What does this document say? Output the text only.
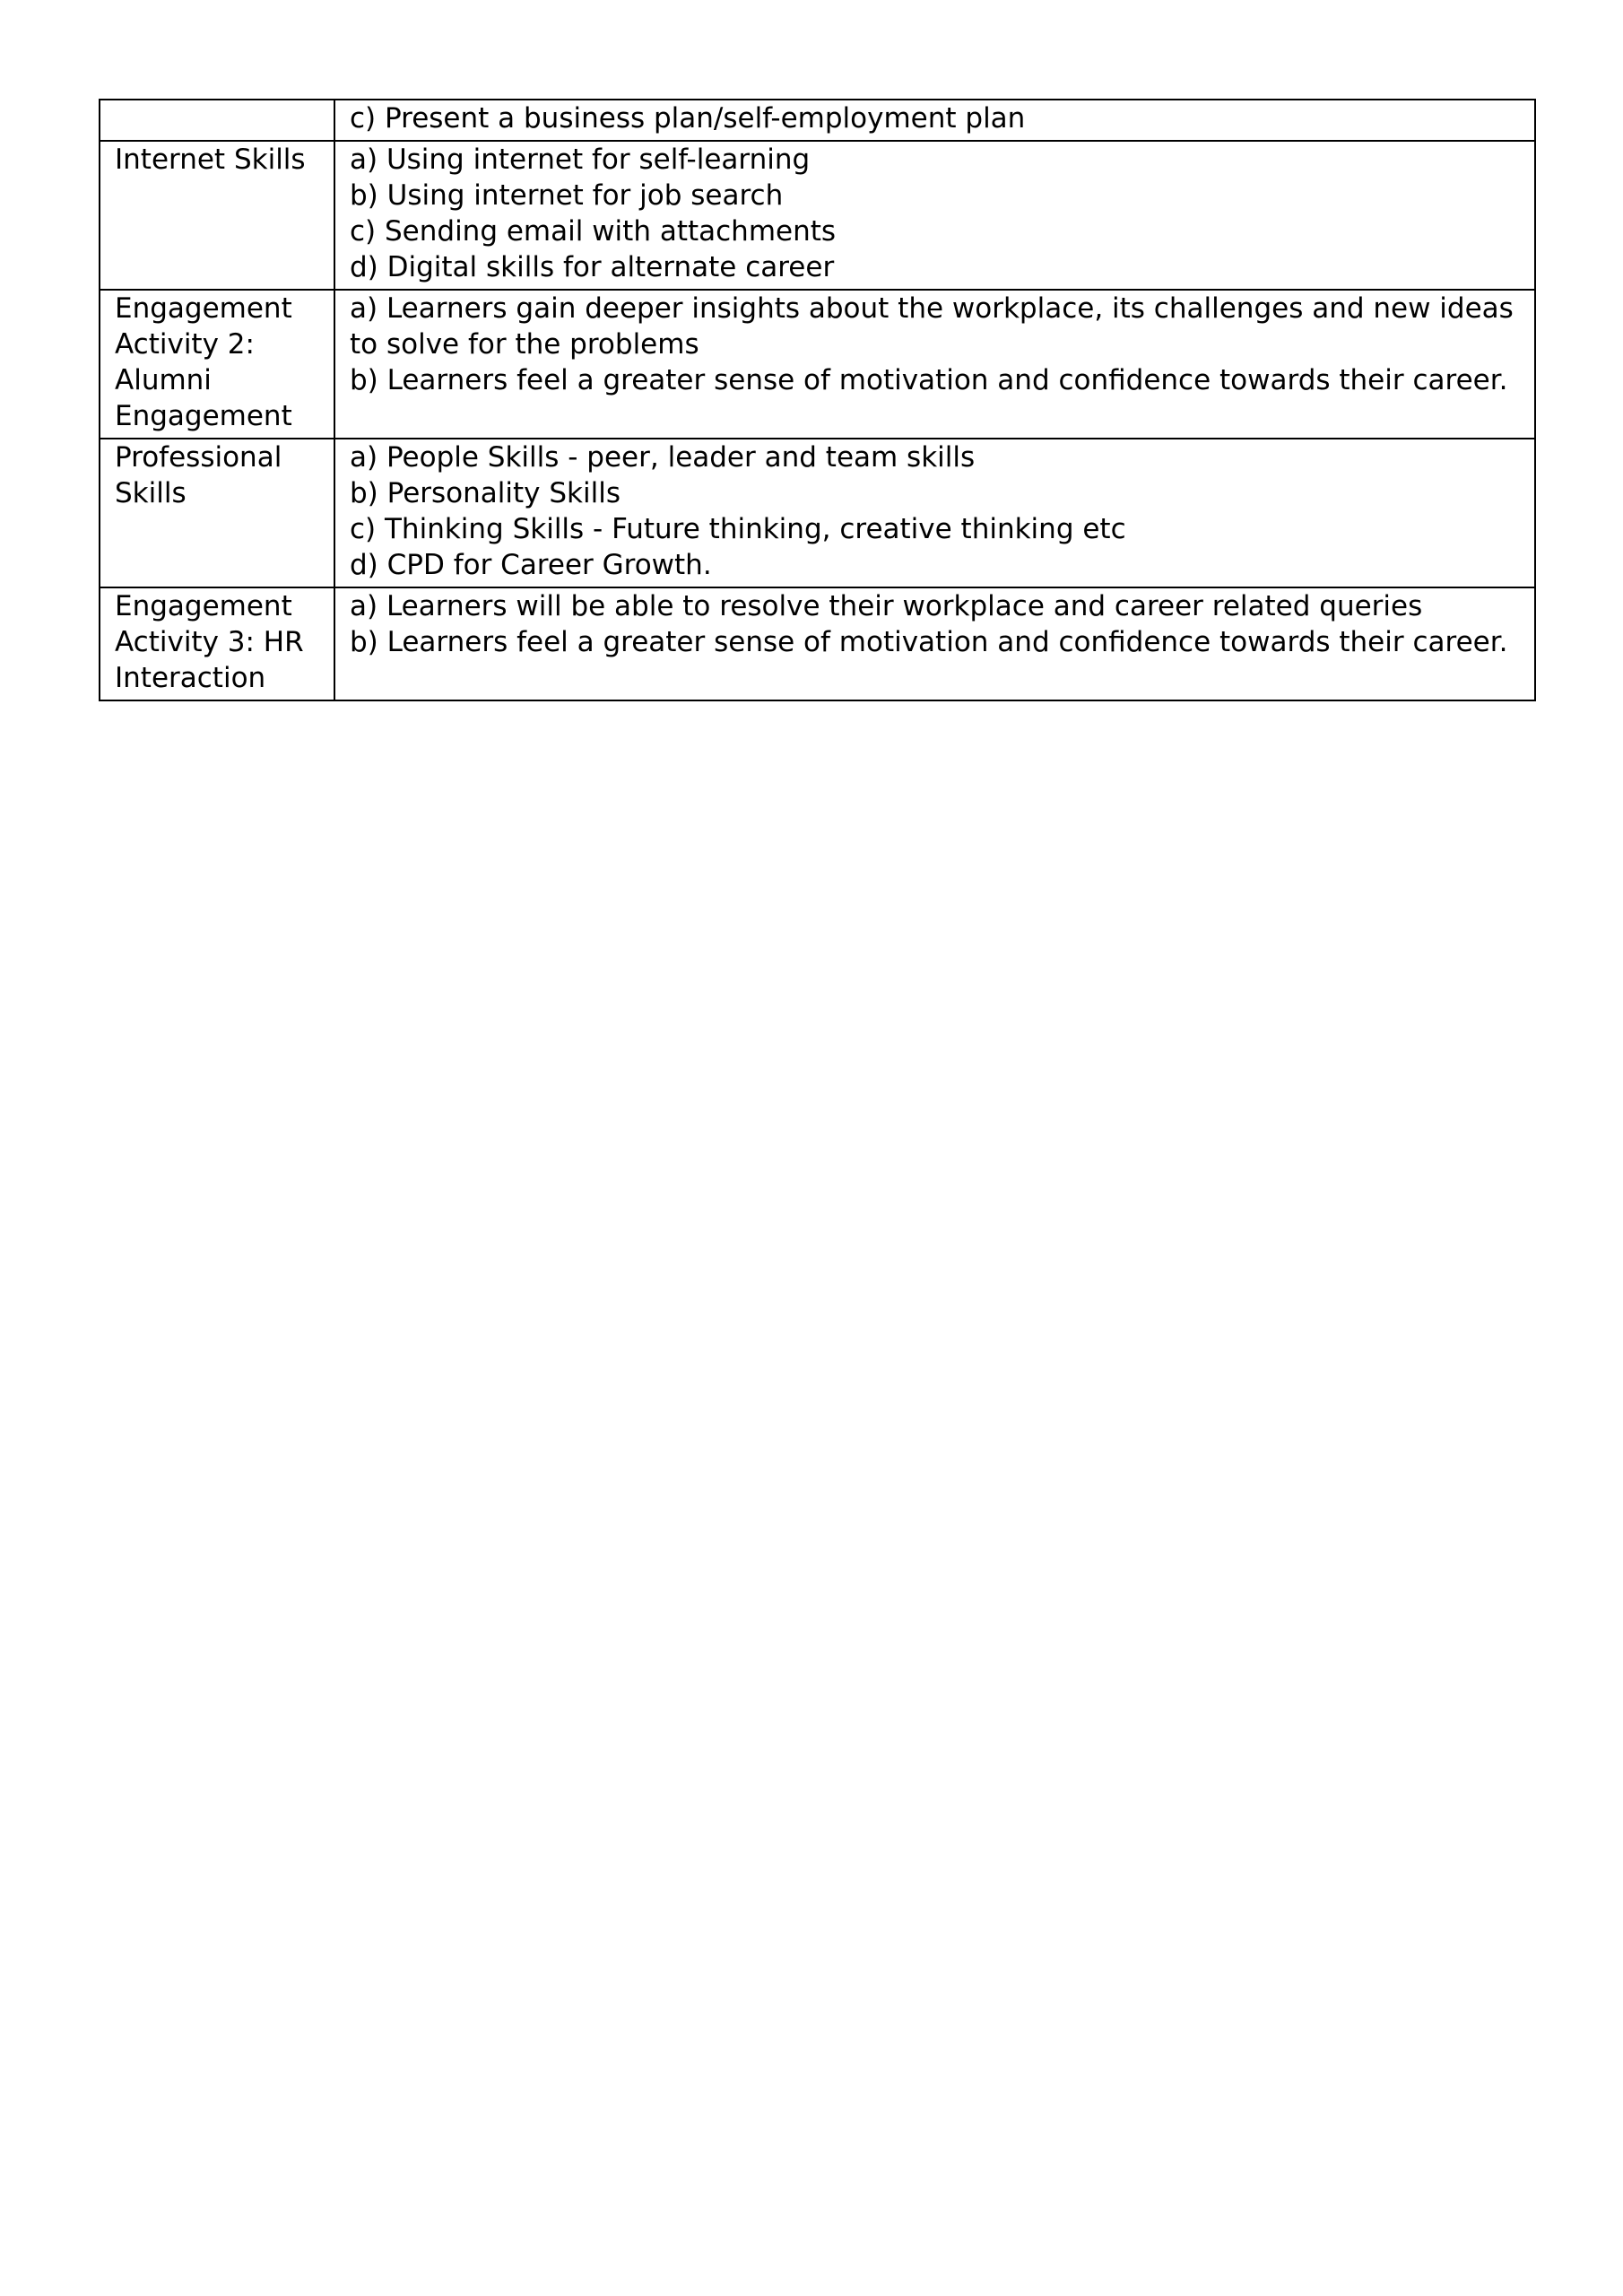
	c) Present a business plan/self-employment plan

Internet Skills	a) Using internet for self-learning
b) Using internet for job search
c) Sending email with attachments
d) Digital skills for alternate career

Engagement Activity 2: Alumni Engagement	a) Learners gain deeper insights about the workplace, its challenges and new ideas to solve for the problems
b) Learners feel a greater sense of motivation and confidence towards their career.

Professional Skills	a) People Skills - peer, leader and team skills
b) Personality Skills
c) Thinking Skills - Future thinking, creative thinking etc
d) CPD for Career Growth.

Engagement Activity 3: HR Interaction	a) Learners will be able to resolve their workplace and career related queries
b) Learners feel a greater sense of motivation and confidence towards their career.
